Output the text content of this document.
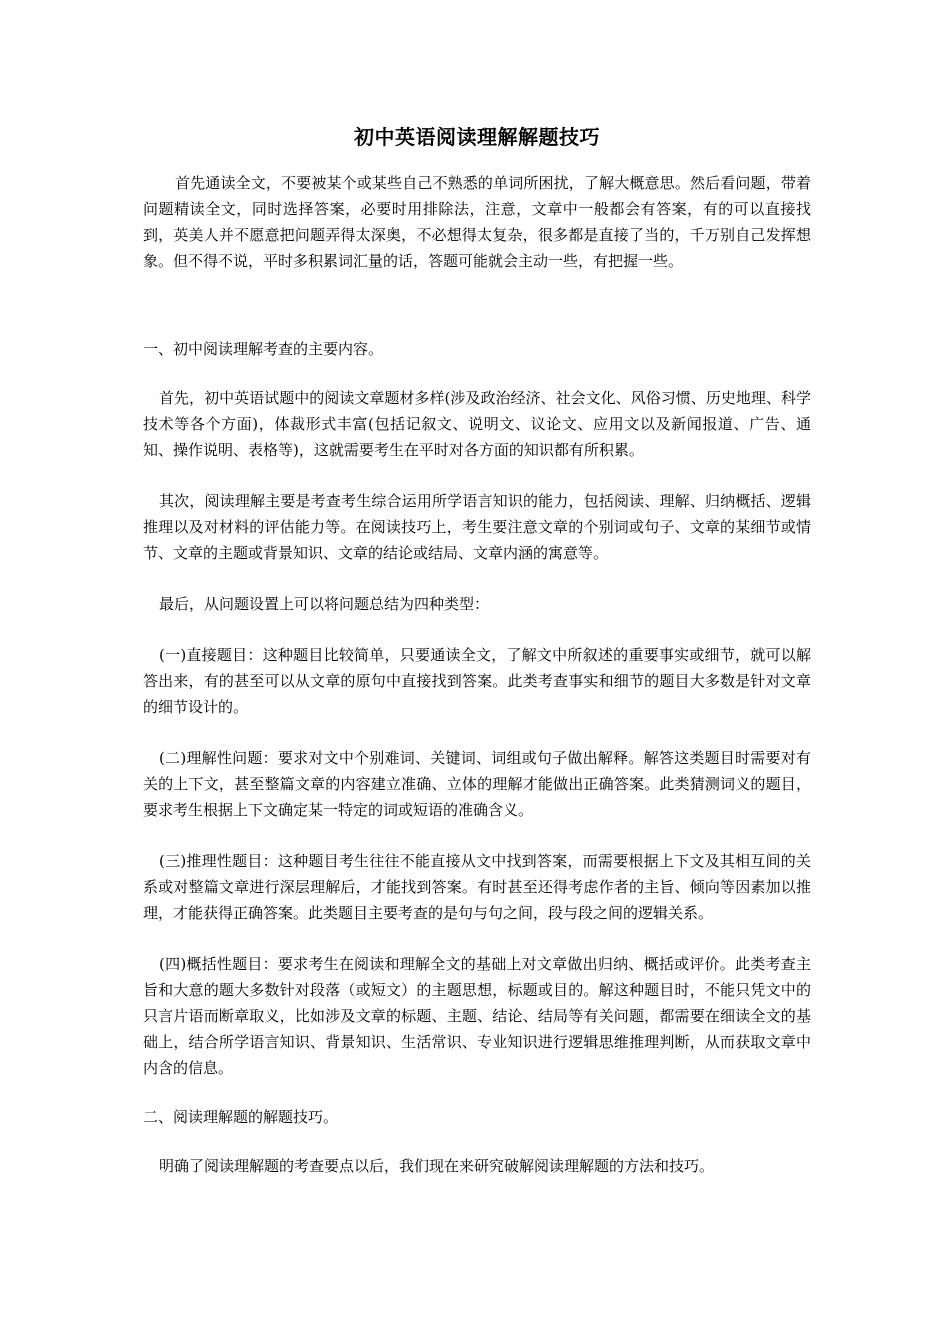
初中英语阅读理解解题技巧

首先通读全文，不要被某个或某些自己不熟悉的单词所困扰，了解大概意思。然后看问题，带着问题精读全文，同时选择答案，必要时用排除法，注意，文章中一般都会有答案，有的可以直接找到，英美人并不愿意把问题弄得太深奥，不必想得太复杂，很多都是直接了当的，千万别自己发挥想象。但不得不说，平时多积累词汇量的话，答题可能就会主动一些，有把握一些。

一、初中阅读理解考查的主要内容。

首先，初中英语试题中的阅读文章题材多样(涉及政治经济、社会文化、风俗习惯、历史地理、科学技术等各个方面)，体裁形式丰富(包括记叙文、说明文、议论文、应用文以及新闻报道、广告、通知、操作说明、表格等)，这就需要考生在平时对各方面的知识都有所积累。

其次，阅读理解主要是考查考生综合运用所学语言知识的能力，包括阅读、理解、归纳概括、逻辑推理以及对材料的评估能力等。在阅读技巧上，考生要注意文章的个别词或句子、文章的某细节或情节、文章的主题或背景知识、文章的结论或结局、文章内涵的寓意等。

最后，从问题设置上可以将问题总结为四种类型：

(一)直接题目：这种题目比较简单，只要通读全文，了解文中所叙述的重要事实或细节，就可以解答出来，有的甚至可以从文章的原句中直接找到答案。此类考查事实和细节的题目大多数是针对文章的细节设计的。

(二)理解性问题：要求对文中个别难词、关键词、词组或句子做出解释。解答这类题目时需要对有关的上下文，甚至整篇文章的内容建立准确、立体的理解才能做出正确答案。此类猜测词义的题目，要求考生根据上下文确定某一特定的词或短语的准确含义。

(三)推理性题目：这种题目考生往往不能直接从文中找到答案，而需要根据上下文及其相互间的关系或对整篇文章进行深层理解后，才能找到答案。有时甚至还得考虑作者的主旨、倾向等因素加以推理，才能获得正确答案。此类题目主要考查的是句与句之间，段与段之间的逻辑关系。

(四)概括性题目：要求考生在阅读和理解全文的基础上对文章做出归纳、概括或评价。此类考查主旨和大意的题大多数针对段落（或短文）的主题思想，标题或目的。解这种题目时，不能只凭文中的只言片语而断章取义，比如涉及文章的标题、主题、结论、结局等有关问题，都需要在细读全文的基础上，结合所学语言知识、背景知识、生活常识、专业知识进行逻辑思维推理判断，从而获取文章中内含的信息。

二、阅读理解题的解题技巧。

明确了阅读理解题的考查要点以后，我们现在来研究破解阅读理解题的方法和技巧。
